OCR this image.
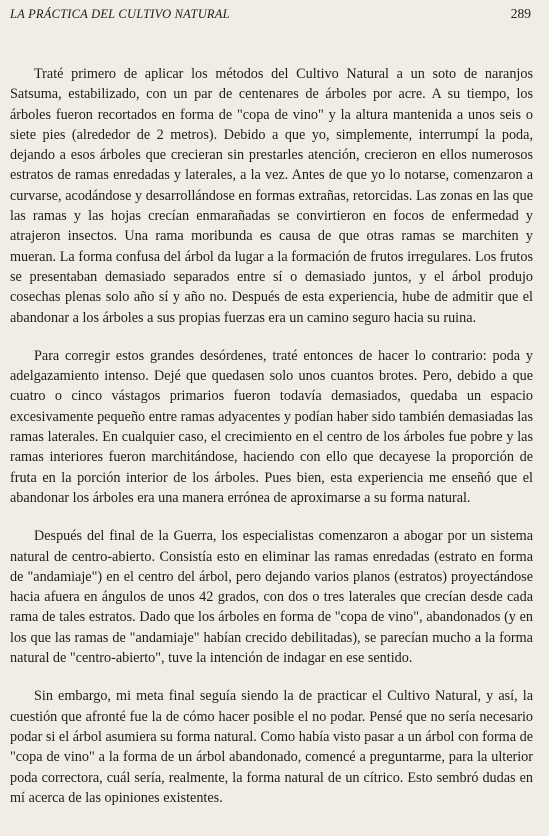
LA PRÁCTICA DEL CULTIVO NATURAL	289

Traté primero de aplicar los métodos del Cultivo Natural a un soto de naranjos Satsuma, estabilizado, con un par de centenares de árboles por acre. A su tiempo, los árboles fueron recortados en forma de "copa de vino" y la altura mantenida a unos seis o siete pies (alrededor de 2 metros). Debido a que yo, simplemente, interrumpí la poda, dejando a esos árboles que crecieran sin prestarles atención, crecieron en ellos numerosos estratos de ramas enredadas y laterales, a la vez. Antes de que yo lo notarse, comenzaron a curvarse, acodándose y desarrollándose en formas extrañas, retorcidas. Las zonas en las que las ramas y las hojas crecían enmarañadas se convirtieron en focos de enfermedad y atrajeron insectos. Una rama moribunda es causa de que otras ramas se marchiten y mueran. La forma confusa del árbol da lugar a la formación de frutos irregulares. Los frutos se presentaban demasiado separados entre sí o demasiado juntos, y el árbol produjo cosechas plenas solo año sí y año no. Después de esta experiencia, hube de admitir que el abandonar a los árboles a sus propias fuerzas era un camino seguro hacia su ruina.

Para corregir estos grandes desórdenes, traté entonces de hacer lo contrario: poda y adelgazamiento intenso. Dejé que quedasen solo unos cuantos brotes. Pero, debido a que cuatro o cinco vástagos primarios fueron todavía demasiados, quedaba un espacio excesivamente pequeño entre ramas adyacentes y podían haber sido también demasiadas las ramas laterales. En cualquier caso, el crecimiento en el centro de los árboles fue pobre y las ramas interiores fueron marchitándose, haciendo con ello que decayese la proporción de fruta en la porción interior de los árboles. Pues bien, esta experiencia me enseñó que el abandonar los árboles era una manera errónea de aproximarse a su forma natural.

Después del final de la Guerra, los especialistas comenzaron a abogar por un sistema natural de centro-abierto. Consistía esto en eliminar las ramas enredadas (estrato en forma de "andamiaje") en el centro del árbol, pero dejando varios planos (estratos) proyectándose hacia afuera en ángulos de unos 42 grados, con dos o tres laterales que crecían desde cada rama de tales estratos. Dado que los árboles en forma de "copa de vino", abandonados (y en los que las ramas de "andamiaje" habían crecido debilitadas), se parecían mucho a la forma natural de "centro-abierto", tuve la intención de indagar en ese sentido.

Sin embargo, mi meta final seguía siendo la de practicar el Cultivo Natural, y así, la cuestión que afronté fue la de cómo hacer posible el no podar. Pensé que no sería necesario podar si el árbol asumiera su forma natural. Como había visto pasar a un árbol con forma de "copa de vino" a la forma de un árbol abandonado, comencé a preguntarme, para la ulterior poda correctora, cuál sería, realmente, la forma natural de un cítrico. Esto sembró dudas en mí acerca de las opiniones existentes.
